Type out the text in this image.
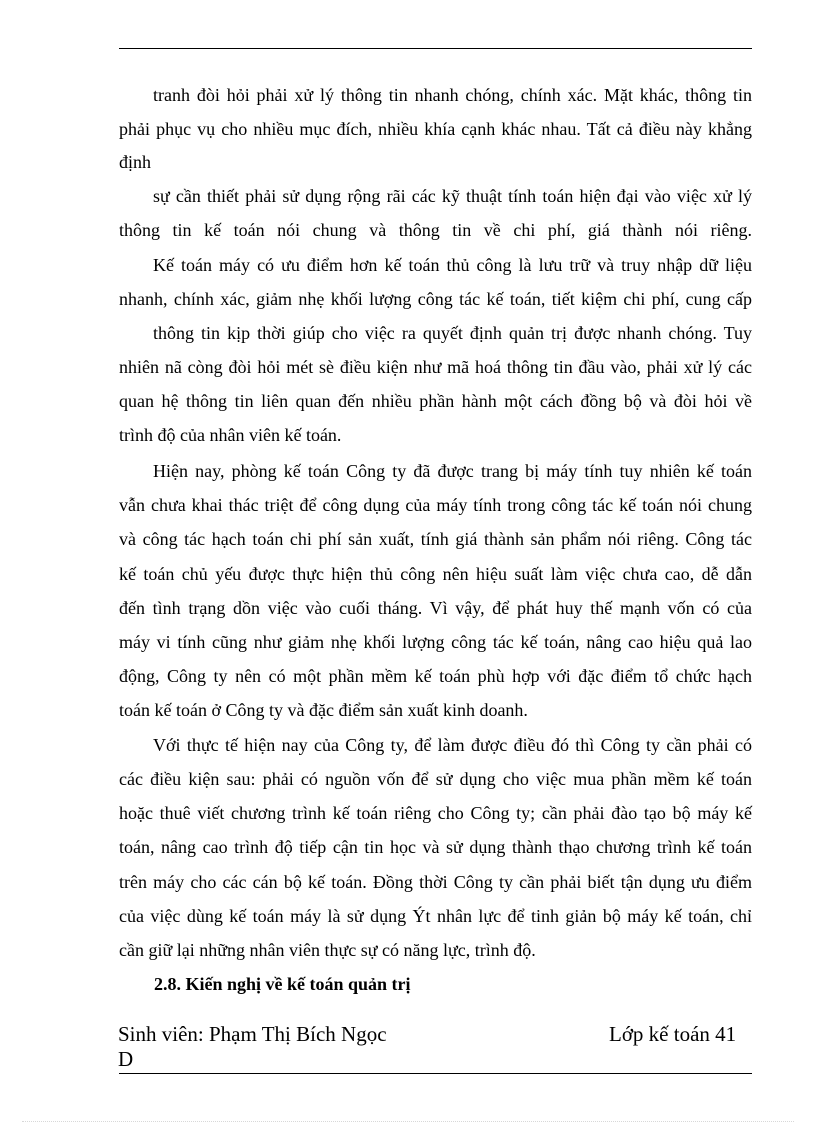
tranh đòi hỏi phải xử lý thông tin nhanh chóng, chính xác. Mặt khác, thông tin
phải phục vụ cho nhiều mục đích, nhiều khía cạnh khác nhau. Tất cả điều này khẳng
định
sự cần thiết phải sử dụng rộng rãi các kỹ thuật tính toán hiện đại vào việc xử lý
thông tin kế toán nói chung và thông tin về chi phí, giá thành nói riêng.
Kế toán máy có ưu điểm hơn kế toán thủ công là lưu trữ và truy nhập dữ liệu
nhanh, chính xác, giảm nhẹ khối lượng công tác kế toán, tiết kiệm chi phí, cung cấp
thông tin kịp thời giúp cho việc ra quyết định quản trị được nhanh chóng. Tuy
nhiên nã còng đòi hỏi mét sè điều kiện như mã hoá thông tin đầu vào, phải xử lý các
quan hệ thông tin liên quan đến nhiều phần hành một cách đồng bộ và đòi hỏi về
trình độ của nhân viên kế toán.
Hiện nay, phòng kế toán Công ty đã được trang bị máy tính tuy nhiên kế toán
vẫn chưa khai thác triệt để công dụng của máy tính trong công tác kế toán nói chung
và công tác hạch toán chi phí sản xuất, tính giá thành sản phẩm nói riêng. Công tác
kế toán chủ yếu được thực hiện thủ công nên hiệu suất làm việc chưa cao, dễ dẫn
đến tình trạng dồn việc vào cuối tháng. Vì vậy, để phát huy thế mạnh vốn có của
máy vi tính cũng như giảm nhẹ khối lượng công tác kế toán, nâng cao hiệu quả lao
động, Công ty nên có một phần mềm kế toán phù hợp với đặc điểm tổ chức hạch
toán kế toán ở Công ty và đặc điểm sản xuất kinh doanh.
Với thực tế hiện nay của Công ty, để làm được điều đó thì Công ty cần phải có
các điều kiện sau: phải có nguồn vốn để sử dụng cho việc mua phần mềm kế toán
hoặc thuê viết chương trình kế toán riêng cho Công ty; cần phải đào tạo bộ máy kế
toán, nâng cao trình độ tiếp cận tin học và sử dụng thành thạo chương trình kế toán
trên máy cho các cán bộ kế toán. Đồng thời Công ty cần phải biết tận dụng ưu điểm
của việc dùng kế toán máy là sử dụng Ýt nhân lực để tinh giản bộ máy kế toán, chỉ
cần giữ lại những nhân viên thực sự có năng lực, trình độ.
2.8. Kiến nghị về kế toán quản trị
Sinh viên: Phạm Thị Bích Ngọc	Lớp kế toán 41
D
